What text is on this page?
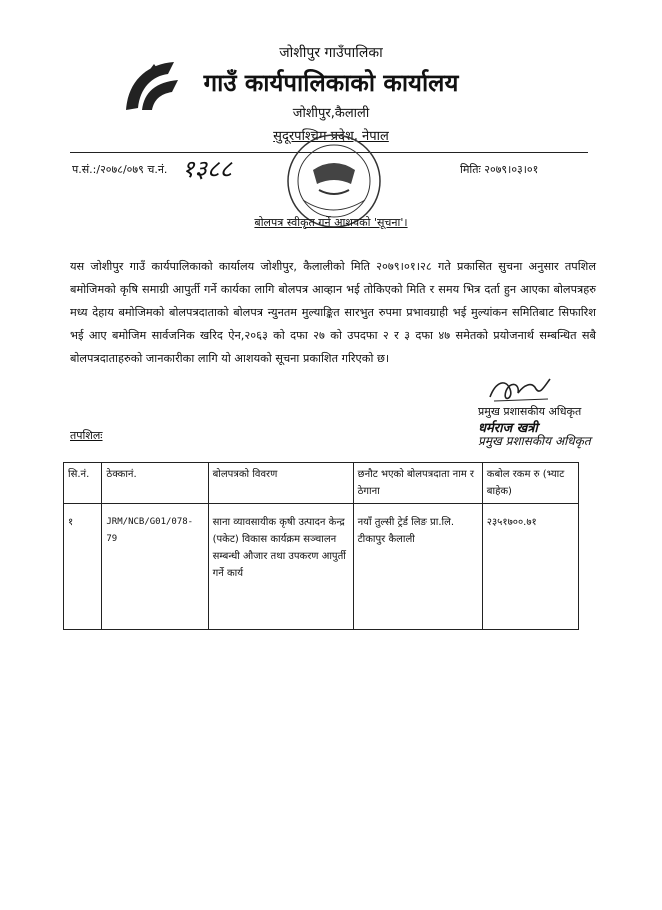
जोशीपुर गाउँपालिका
गाउँ कार्यपालिकाको कार्यालय
जोशीपुर,कैलाली
सुदूरपश्चिम प्रदेश, नेपाल
प.सं.:/२०७८/०७९ च.नं. १३८८	मितिः २०७९।०३।०१
बोलपत्र स्वीकृत गर्ने आशयको 'सूचना'।
यस जोशीपुर गाउँ कार्यपालिकाको कार्यालय जोशीपुर, कैलालीको मिति २०७९।०१।२८ गते प्रकासित सुचना अनुसार तपशिल बमोजिमको कृषि समाग्री आपुर्ती गर्ने कार्यका लागि बोलपत्र आव्हान भई तोकिएको मिति र समय भित्र दर्ता हुन आएका बोलपत्रहरु मध्य देहाय बमोजिमको बोलपत्रदाताको बोलपत्र न्युनतम मुल्याङ्कित सारभुत रुपमा प्रभावग्राही भई मुल्यांकन समितिबाट सिफारिश भई आए बमोजिम सार्वजनिक खरिद ऐन,२०६३ को दफा २७ को उपदफा २ र ३ दफा ४७ समेतको प्रयोजनार्थ सम्बन्धित सबै बोलपत्रदाताहरुको जानकारीका लागि यो आशयको सूचना प्रकाशित गरिएको छ।
प्रमुख प्रशासकीय अधिकृत
धर्मराज खत्री
प्रमुख प्रशासकीय अधिकृत
तपशिलः
सि.नं.	ठेक्कानं.	बोलपत्रको विवरण	छनौट भएको बोलपत्रदाता नाम र ठेगाना	कबोल रकम रु (भ्याट बाहेक)
१	JRM/NCB/G01/078-79	साना व्यावसायीक कृषी उत्पादन केन्द्र (पकेट) विकास कार्यक्रम सञ्चालन सम्बन्धी औजार तथा उपकरण आपुर्ती गर्ने कार्य	नयाँ तुल्सी ट्रेर्ड लिङ प्रा.लि. टीकापुर कैलाली	२३५१७००.७१
